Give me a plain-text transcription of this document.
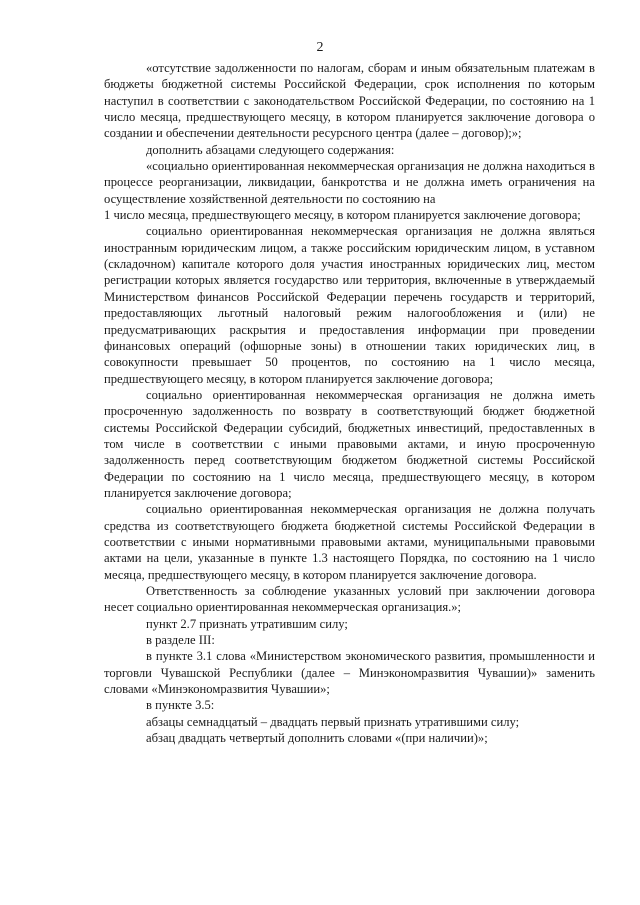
2

«отсутствие задолженности по налогам, сборам и иным обязательным платежам в бюджеты бюджетной системы Российской Федерации, срок исполнения по которым наступил в соответствии с законодательством Российской Федерации, по состоянию на 1 число месяца, предшествующего месяцу, в котором планируется заключение договора о создании и обеспечении деятельности ресурсного центра (далее – договор);»;

дополнить абзацами следующего содержания:

«социально ориентированная некоммерческая организация не должна находиться в процессе реорганизации, ликвидации, банкротства и не должна иметь ограничения на осуществление хозяйственной деятельности по состоянию на

1 число месяца, предшествующего месяцу, в котором планируется заключение договора;

социально ориентированная некоммерческая организация не должна являться иностранным юридическим лицом, а также российским юридическим лицом, в уставном (складочном) капитале которого доля участия иностранных юридических лиц, местом регистрации которых является государство или территория, включенные в утверждаемый Министерством финансов Российской Федерации перечень государств и территорий, предоставляющих льготный налоговый режим налогообложения и (или) не предусматривающих раскрытия и предоставления информации при проведении финансовых операций (офшорные зоны) в отношении таких юридических лиц, в совокупности превышает 50 процентов, по состоянию на 1 число месяца, предшествующего месяцу, в котором планируется заключение договора;

социально ориентированная некоммерческая организация не должна иметь просроченную задолженность по возврату в соответствующий бюджет бюджетной системы Российской Федерации субсидий, бюджетных инвестиций, предоставленных в том числе в соответствии с иными правовыми актами, и иную просроченную задолженность перед соответствующим бюджетом бюджетной системы Российской Федерации по состоянию на 1 число месяца, предшествующего месяцу, в котором планируется заключение договора;

социально ориентированная некоммерческая организация не должна получать средства из соответствующего бюджета бюджетной системы Российской Федерации в соответствии с иными нормативными правовыми актами, муниципальными правовыми актами на цели, указанные в пункте 1.3 настоящего Порядка, по состоянию на 1 число месяца, предшествующего месяцу, в котором планируется заключение договора.

Ответственность за соблюдение указанных условий при заключении договора несет социально ориентированная некоммерческая организация.»;

пункт 2.7 признать утратившим силу;

в разделе III:

в пункте 3.1 слова «Министерством экономического развития, промышленности и торговли Чувашской Республики (далее – Минэкономразвития Чувашии)» заменить словами «Минэкономразвития Чувашии»;

в пункте 3.5:

абзацы семнадцатый – двадцать первый признать утратившими силу;

абзац двадцать четвертый дополнить словами «(при наличии)»;
